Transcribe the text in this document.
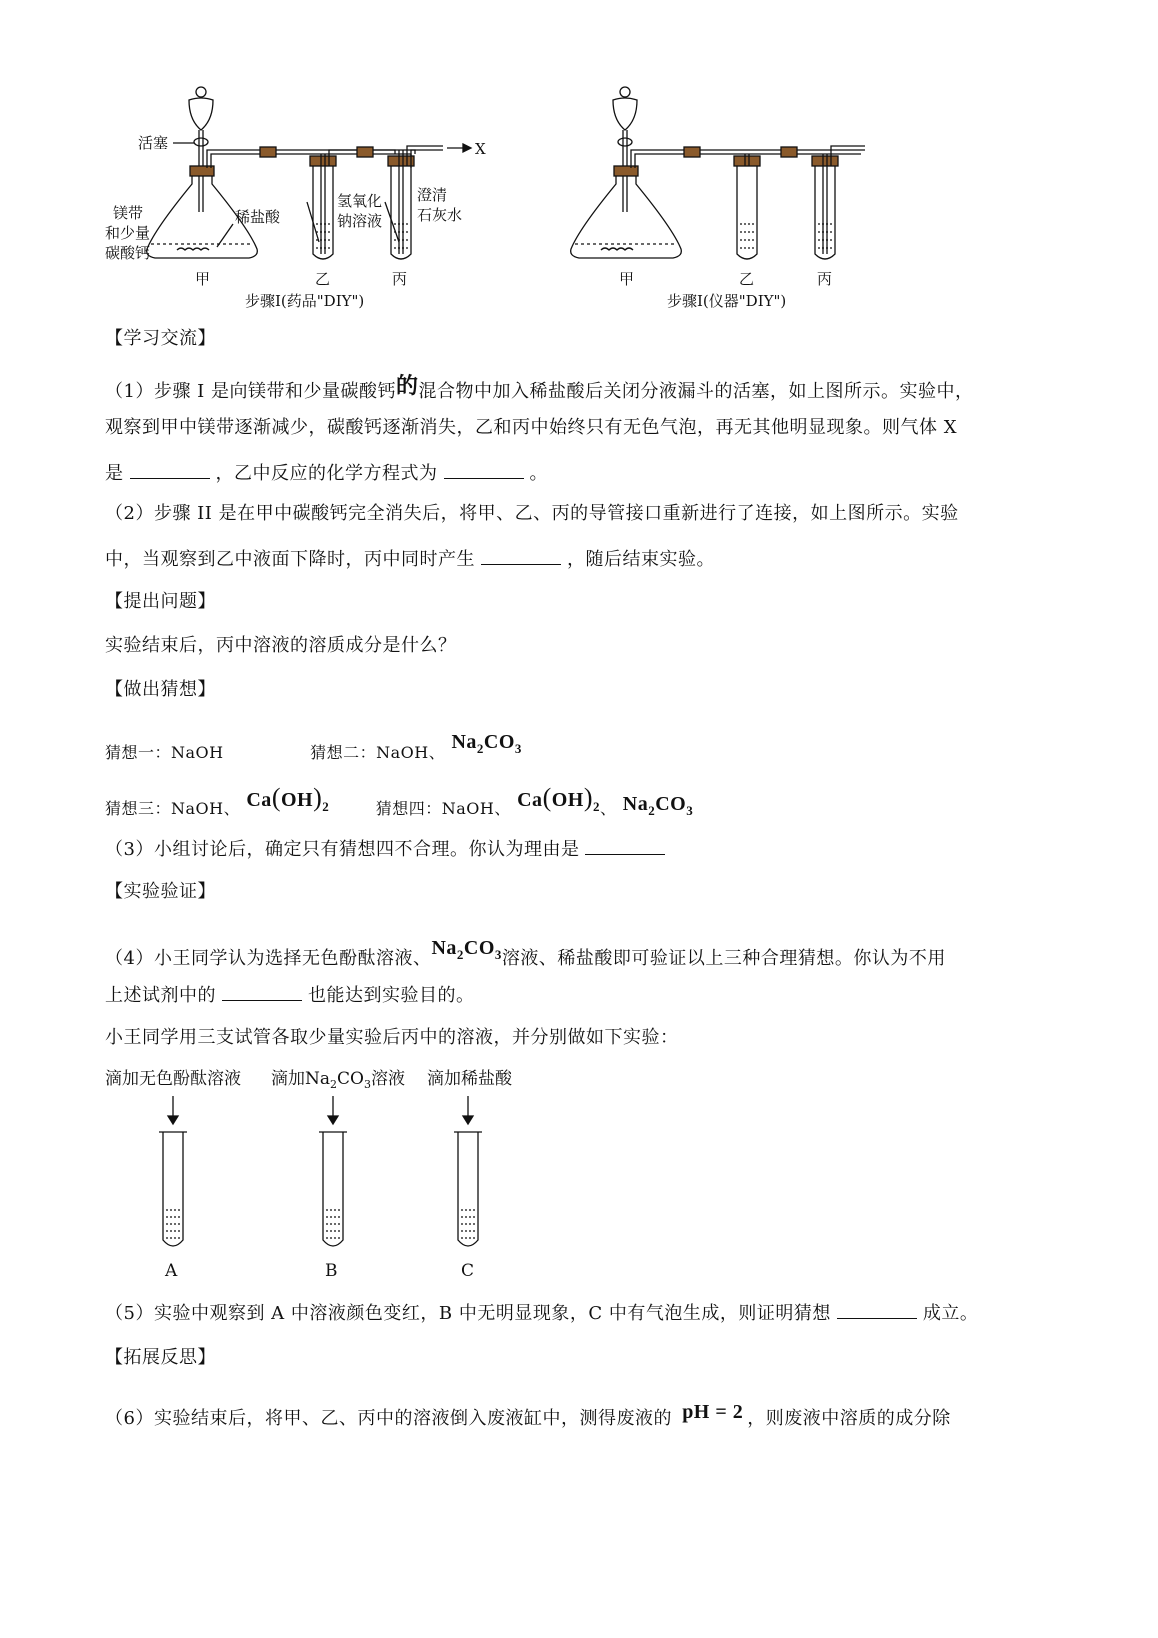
活塞	X
镁带
和少量
碳酸钙
稀盐酸
氢氧化
钠溶液
澄清
石灰水
甲	乙	丙
步骤I(药品"DIY")
甲	乙	丙
步骤I(仪器"DIY")
【学习交流】
（1）步骤 I 是向镁带和少量碳酸钙的混合物中加入稀盐酸后关闭分液漏斗的活塞，如上图所示。实验中，
观察到甲中镁带逐渐减少，碳酸钙逐渐消失，乙和丙中始终只有无色气泡，再无其他明显现象。则气体 X
是	，乙中反应的化学方程式为	。
（2）步骤 II 是在甲中碳酸钙完全消失后，将甲、乙、丙的导管接口重新进行了连接，如上图所示。实验
中，当观察到乙中液面下降时，丙中同时产生	，随后结束实验。
【提出问题】
实验结束后，丙中溶液的溶质成分是什么？
【做出猜想】
猜想一：NaOH	猜想二：NaOH、 $Na_2CO_3$
猜想三：NaOH、 $Ca(OH)_2$	猜想四：NaOH、 $Ca(OH)_2$、 $Na_2CO_3$
（3）小组讨论后，确定只有猜想四不合理。你认为理由是
【实验验证】
（4）小王同学认为选择无色酚酞溶液、$Na_2CO_3$溶液、稀盐酸即可验证以上三种合理猜想。你认为不用
上述试剂中的	也能达到实验目的。
小王同学用三支试管各取少量实验后丙中的溶液，并分别做如下实验：
滴加无色酚酞溶液 滴加$Na_2CO_3$溶液 滴加稀盐酸
A	B	C
（5）实验中观察到 A 中溶液颜色变红，B 中无明显现象，C 中有气泡生成，则证明猜想	成立。
【拓展反思】
（6）实验结束后，将甲、乙、丙中的溶液倒入废液缸中，测得废液的 pH = 2 ，则废液中溶质的成分除
